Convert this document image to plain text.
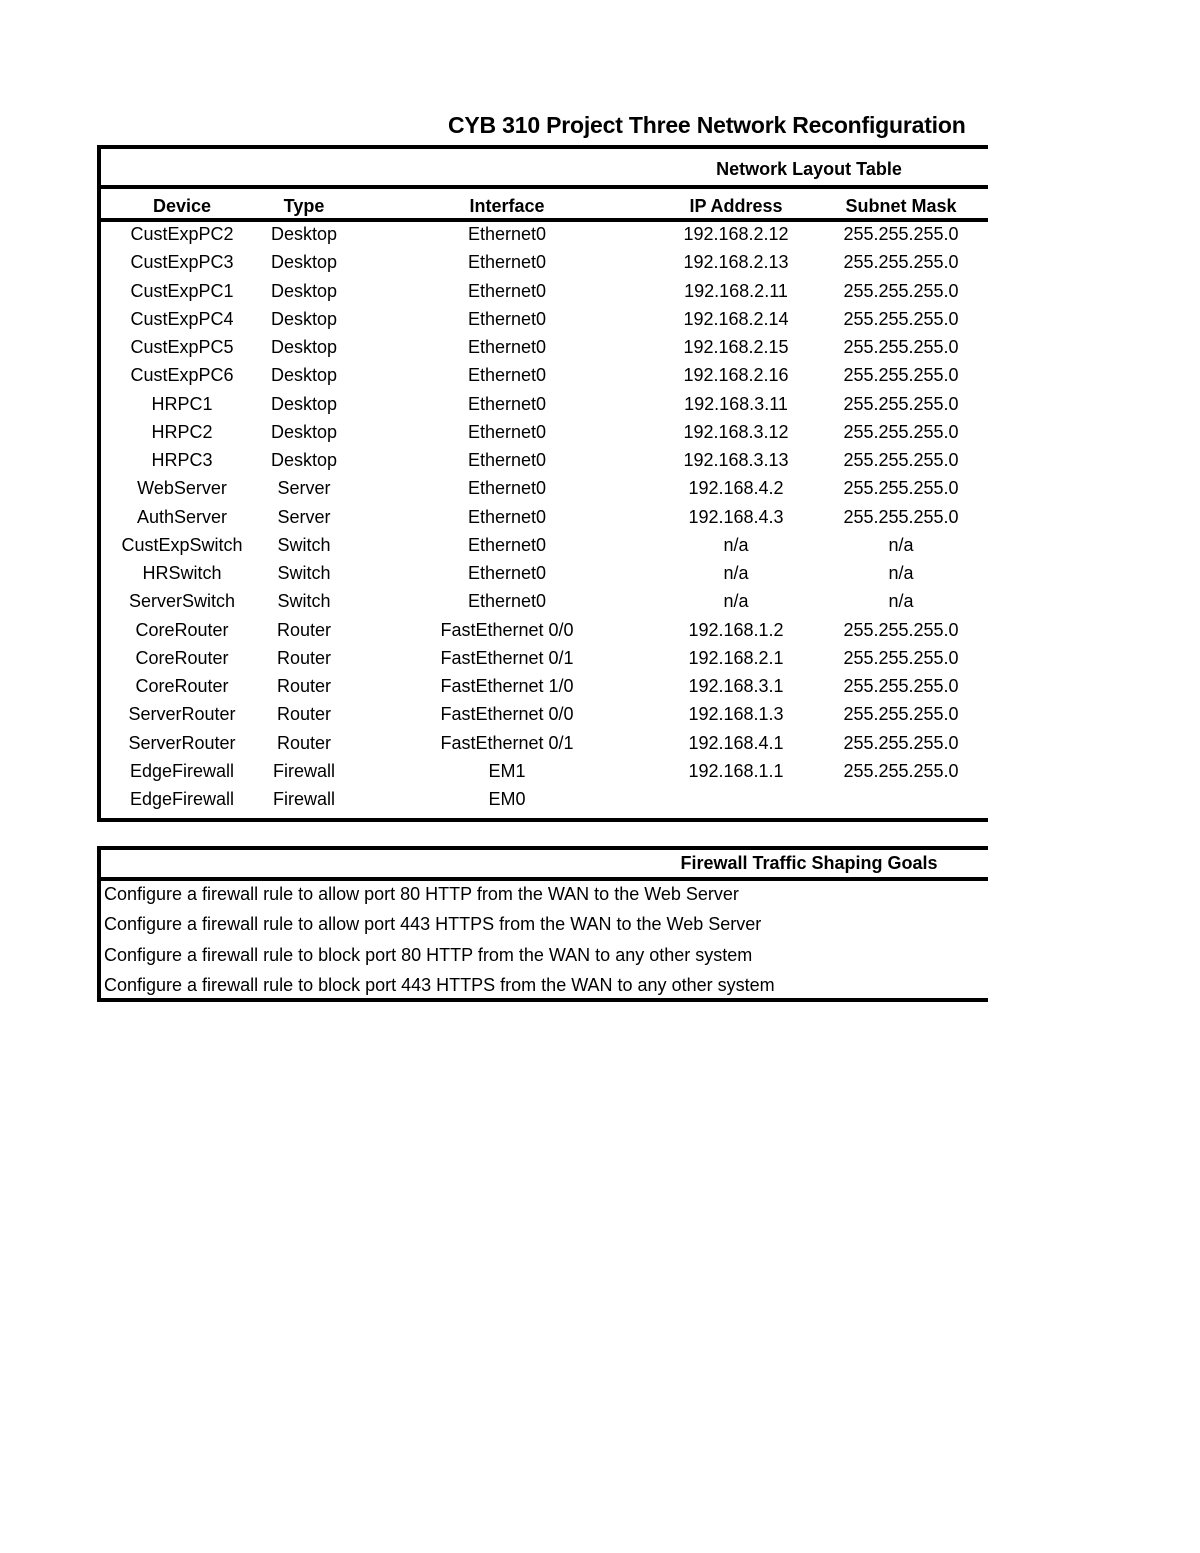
CYB 310 Project Three Network Reconfiguration
Network Layout Table
Device	Type	Interface	IP Address	Subnet Mask
CustExpPC2 Desktop	Ethernet0	192.168.2.12	255.255.255.0
CustExpPC3 Desktop	Ethernet0	192.168.2.13	255.255.255.0
CustExpPC1 Desktop	Ethernet0	192.168.2.11	255.255.255.0
CustExpPC4 Desktop	Ethernet0	192.168.2.14	255.255.255.0
CustExpPC5 Desktop	Ethernet0	192.168.2.15	255.255.255.0
CustExpPC6 Desktop	Ethernet0	192.168.2.16	255.255.255.0
HRPC1	Desktop	Ethernet0	192.168.3.11	255.255.255.0
HRPC2	Desktop	Ethernet0	192.168.3.12	255.255.255.0
HRPC3	Desktop	Ethernet0	192.168.3.13	255.255.255.0
WebServer	Server	Ethernet0	192.168.4.2	255.255.255.0
AuthServer	Server	Ethernet0	192.168.4.3	255.255.255.0
CustExpSwitch Switch	Ethernet0	n/a	n/a
HRSwitch	Switch	Ethernet0	n/a	n/a
ServerSwitch Switch	Ethernet0	n/a	n/a
CoreRouter	Router	FastEthernet 0/0	192.168.1.2	255.255.255.0
CoreRouter	Router	FastEthernet 0/1	192.168.2.1	255.255.255.0
CoreRouter	Router	FastEthernet 1/0	192.168.3.1	255.255.255.0
ServerRouter Router	FastEthernet 0/0	192.168.1.3	255.255.255.0
ServerRouter Router	FastEthernet 0/1	192.168.4.1	255.255.255.0
EdgeFirewall Firewall	EM1	192.168.1.1	255.255.255.0
EdgeFirewall Firewall	EM0
Firewall Traffic Shaping Goals
Configure a firewall rule to allow port 80 HTTP from the WAN to the Web Server
Configure a firewall rule to allow port 443 HTTPS from the WAN to the Web Server
Configure a firewall rule to block port 80 HTTP from the WAN to any other system
Configure a firewall rule to block port 443 HTTPS from the WAN to any other system
